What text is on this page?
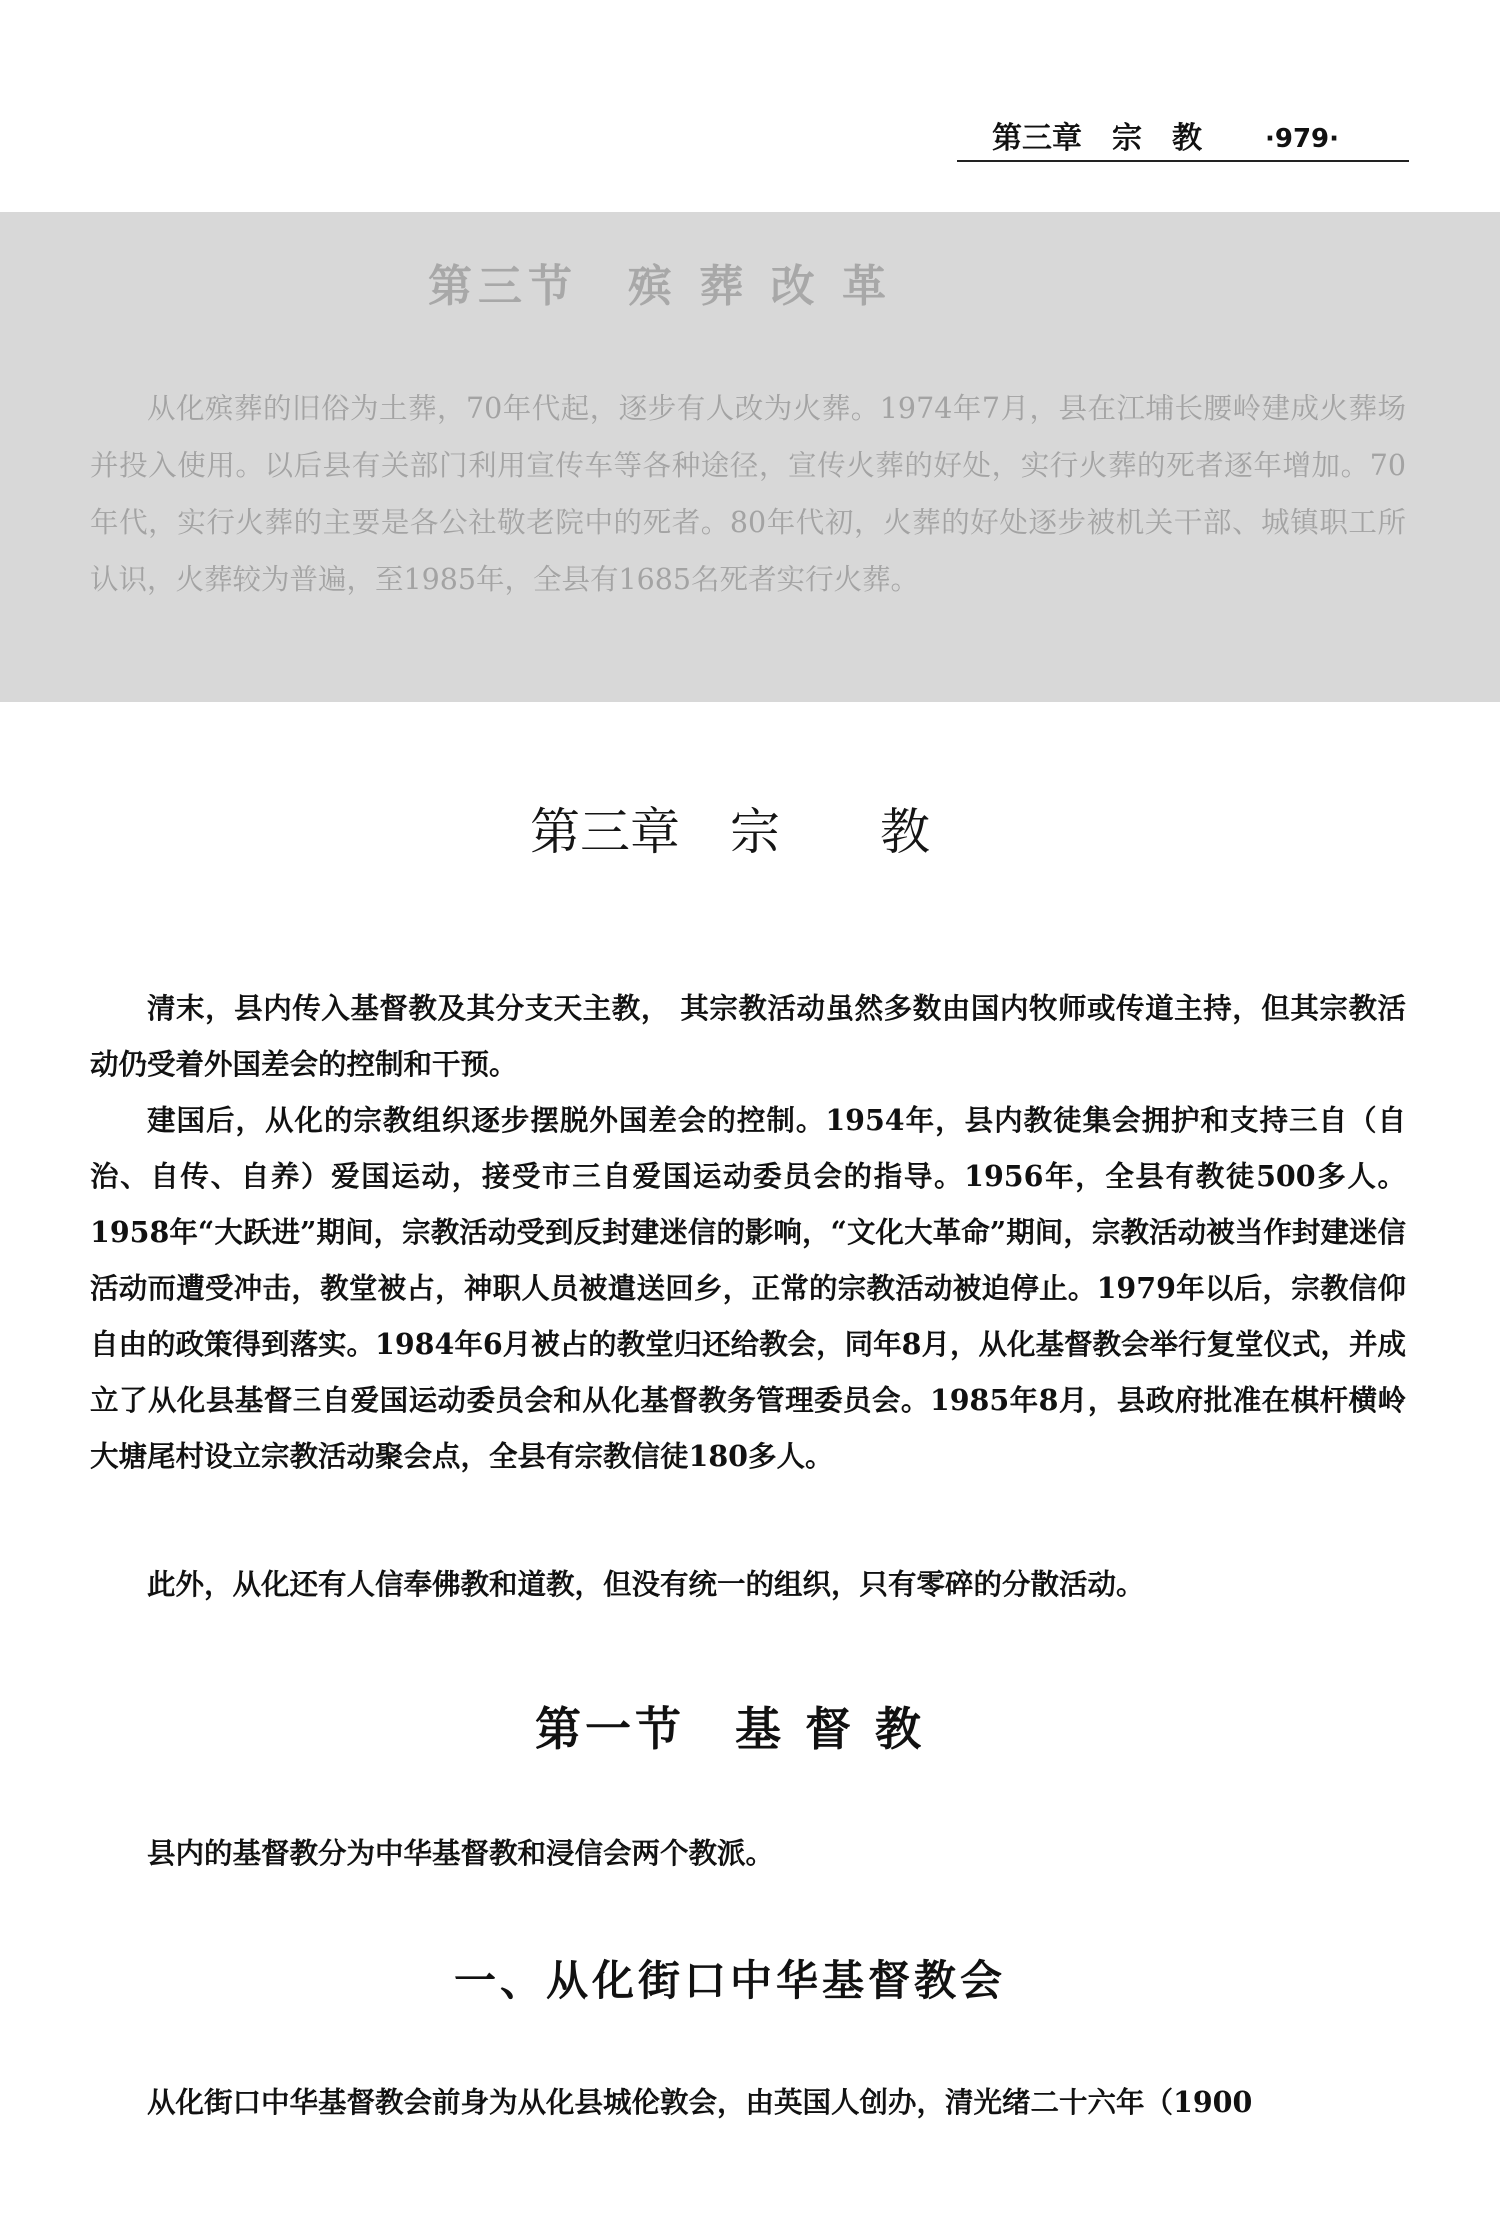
第三章　宗　教 ·979·
第三节　殡 葬 改 革
从化殡葬的旧俗为土葬，70年代起，逐步有人改为火葬。1974年7月，县在江埔长腰岭建成火葬场并投入使用。以后县有关部门利用宣传车等各种途径，宣传火葬的好处，实行火葬的死者逐年增加。70年代，实行火葬的主要是各公社敬老院中的死者。80年代初，火葬的好处逐步被机关干部、城镇职工所认识，火葬较为普遍，至1985年，全县有1685名死者实行火葬。
第三章　宗　　教

清末，县内传入基督教及其分支天主教， 其宗教活动虽然多数由国内牧师或传道主持，但其宗教活动仍受着外国差会的控制和干预。

建国后，从化的宗教组织逐步摆脱外国差会的控制。1954年，县内教徒集会拥护和支持三自（自治、自传、自养）爱国运动，接受市三自爱国运动委员会的指导。1956年，全县有教徒500多人。1958年“大跃进”期间，宗教活动受到反封建迷信的影响，“文化大革命”期间，宗教活动被当作封建迷信活动而遭受冲击，教堂被占，神职人员被遣送回乡，正常的宗教活动被迫停止。1979年以后，宗教信仰自由的政策得到落实。1984年6月被占的教堂归还给教会，同年8月，从化基督教会举行复堂仪式，并成立了从化县基督三自爱国运动委员会和从化基督教务管理委员会。1985年8月，县政府批准在棋杆横岭大塘尾村设立宗教活动聚会点，全县有宗教信徒180多人。

此外，从化还有人信奉佛教和道教，但没有统一的组织，只有零碎的分散活动。

第一节　基 督 教

县内的基督教分为中华基督教和浸信会两个教派。

一、从化街口中华基督教会

从化街口中华基督教会前身为从化县城伦敦会，由英国人创办，清光绪二十六年（1900
